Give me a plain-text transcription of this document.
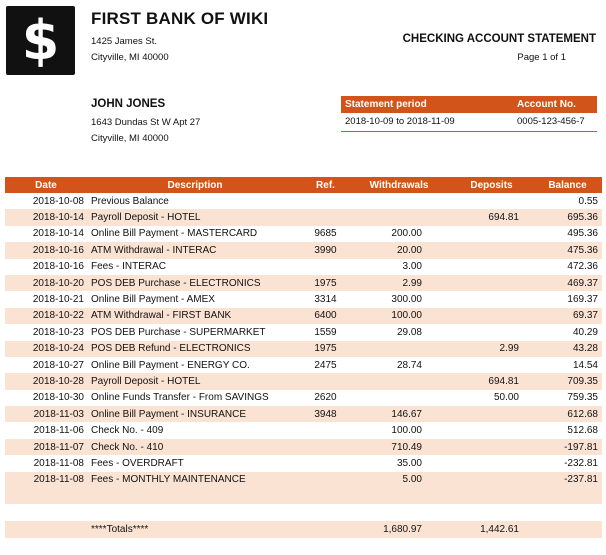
$	FIRST BANK OF WIKI
1425 James St.
Cityville, MI 40000
CHECKING ACCOUNT STATEMENT
Page 1 of 1
JOHN JONES
1643 Dundas St W Apt 27
Cityville, MI 40000
Statement period	Account No.
2018-10-09 to 2018-11-09	0005-123-456-7
Date	Description	Ref.	Withdrawals	Deposits	Balance
2018-10-08	Previous Balance				0.55
2018-10-14	Payroll Deposit - HOTEL			694.81	695.36
2018-10-14	Online Bill Payment - MASTERCARD	9685	200.00		495.36
2018-10-16	ATM Withdrawal - INTERAC	3990	20.00		475.36
2018-10-16	Fees - INTERAC		3.00		472.36
2018-10-20	POS DEB Purchase - ELECTRONICS	1975	2.99		469.37
2018-10-21	Online Bill Payment - AMEX	3314	300.00		169.37
2018-10-22	ATM Withdrawal - FIRST BANK	6400	100.00		69.37
2018-10-23	POS DEB Purchase - SUPERMARKET	1559	29.08		40.29
2018-10-24	POS DEB Refund - ELECTRONICS	1975		2.99	43.28
2018-10-27	Online Bill Payment - ENERGY CO.	2475	28.74		14.54
2018-10-28	Payroll Deposit - HOTEL			694.81	709.35
2018-10-30	Online Funds Transfer - From SAVINGS	2620		50.00	759.35
2018-11-03	Online Bill Payment - INSURANCE	3948	146.67		612.68
2018-11-06	Check No. - 409		100.00		512.68
2018-11-07	Check No. - 410		710.49		-197.81
2018-11-08	Fees - OVERDRAFT		35.00		-232.81
2018-11-08	Fees - MONTHLY MAINTENANCE		5.00		-237.81

	****Totals****		1,680.97	1,442.61	
